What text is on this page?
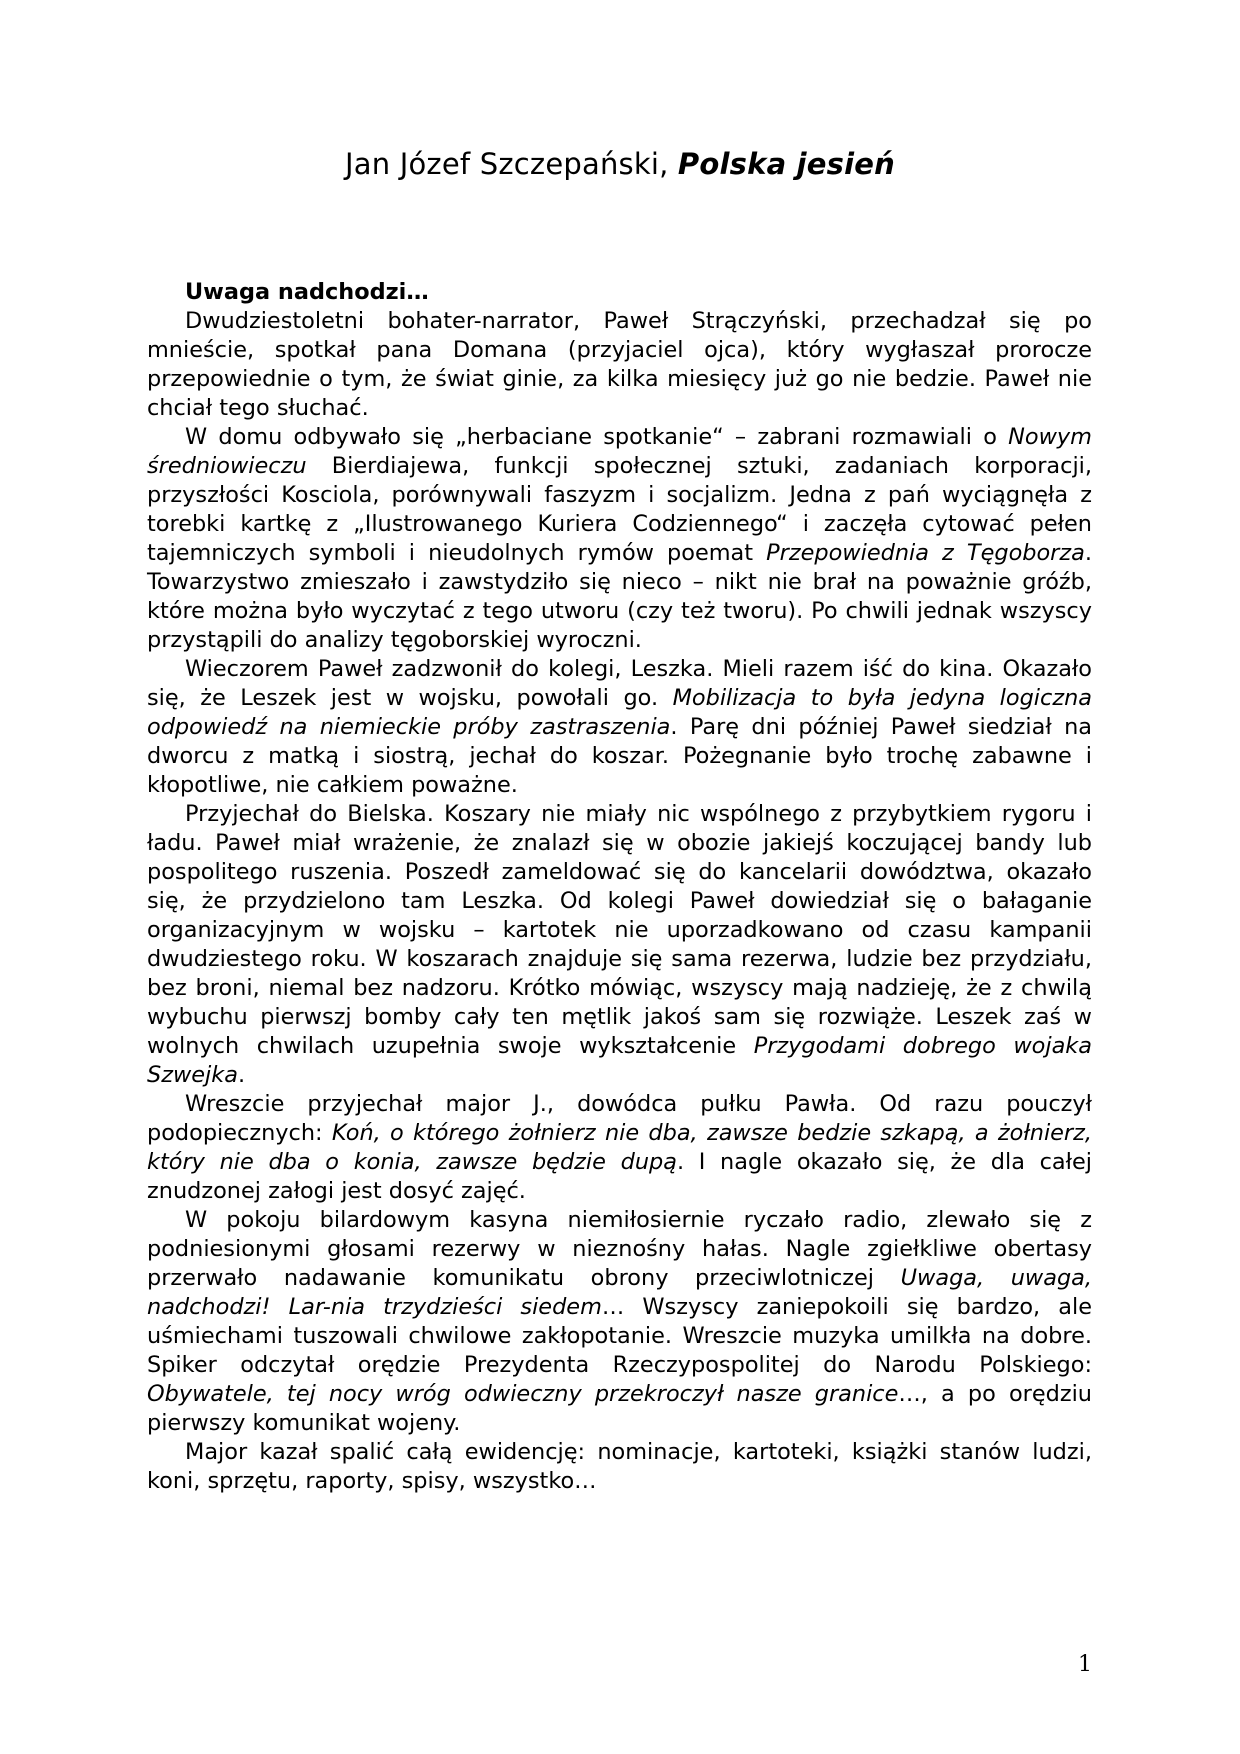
Jan Józef Szczepański, Polska jesień
Uwaga nadchodzi…

Dwudziestoletni bohater-narrator, Paweł Strączyński, przechadzał się po mnieście, spotkał pana Domana (przyjaciel ojca), który wygłaszał prorocze przepowiednie o tym, że świat ginie, za kilka miesięcy już go nie bedzie. Paweł nie chciał tego słuchać.

W domu odbywało się „herbaciane spotkanie“ – zabrani rozmawiali o Nowym średniowieczu Bierdiajewa, funkcji społecznej sztuki, zadaniach korporacji, przyszłości Kosciola, porównywali faszyzm i socjalizm. Jedna z pań wyciągnęła z torebki kartkę z „Ilustrowanego Kuriera Codziennego“ i zaczęła cytować pełen tajemniczych symboli i nieudolnych rymów poemat Przepowiednia z Tęgoborza. Towarzystwo zmieszało i zawstydziło się nieco – nikt nie brał na poważnie gróźb, które można było wyczytać z tego utworu (czy też tworu). Po chwili jednak wszyscy przystąpili do analizy tęgoborskiej wyroczni.

Wieczorem Paweł zadzwonił do kolegi, Leszka. Mieli razem iść do kina. Okazało się, że Leszek jest w wojsku, powołali go. Mobilizacja to była jedyna logiczna odpowiedź na niemieckie próby zastraszenia. Parę dni później Paweł siedział na dworcu z matką i siostrą, jechał do koszar. Pożegnanie było trochę zabawne i kłopotliwe, nie całkiem poważne.

Przyjechał do Bielska. Koszary nie miały nic wspólnego z przybytkiem rygoru i ładu. Paweł miał wrażenie, że znalazł się w obozie jakiejś koczującej bandy lub pospolitego ruszenia. Poszedł zameldować się do kancelarii dowództwa, okazało się, że przydzielono tam Leszka. Od kolegi Paweł dowiedział się o bałaganie organizacyjnym w wojsku – kartotek nie uporzadkowano od czasu kampanii dwudziestego roku. W koszarach znajduje się sama rezerwa, ludzie bez przydziału, bez broni, niemal bez nadzoru. Krótko mówiąc, wszyscy mają nadzieję, że z chwilą wybuchu pierwszj bomby cały ten mętlik jakoś sam się rozwiąże. Leszek zaś w wolnych chwilach uzupełnia swoje wykształcenie Przygodami dobrego wojaka Szwejka.

Wreszcie przyjechał major J., dowódca pułku Pawła. Od razu pouczył podopiecznych: Koń, o którego żołnierz nie dba, zawsze bedzie szkapą, a żołnierz, który nie dba o konia, zawsze będzie dupą. I nagle okazało się, że dla całej znudzonej załogi jest dosyć zajęć.

W pokoju bilardowym kasyna niemiłosiernie ryczało radio, zlewało się z podniesionymi głosami rezerwy w nieznośny hałas. Nagle zgiełkliwe obertasy przerwało nadawanie komunikatu obrony przeciwlotniczej Uwaga, uwaga, nadchodzi! Lar-nia trzydzieści siedem… Wszyscy zaniepokoili się bardzo, ale uśmiechami tuszowali chwilowe zakłopotanie. Wreszcie muzyka umilkła na dobre. Spiker odczytał orędzie Prezydenta Rzeczypospolitej do Narodu Polskiego: Obywatele, tej nocy wróg odwieczny przekroczył nasze granice…, a po orędziu pierwszy komunikat wojeny.

Major kazał spalić całą ewidencję: nominacje, kartoteki, książki stanów ludzi, koni, sprzętu, raporty, spisy, wszystko…

1
